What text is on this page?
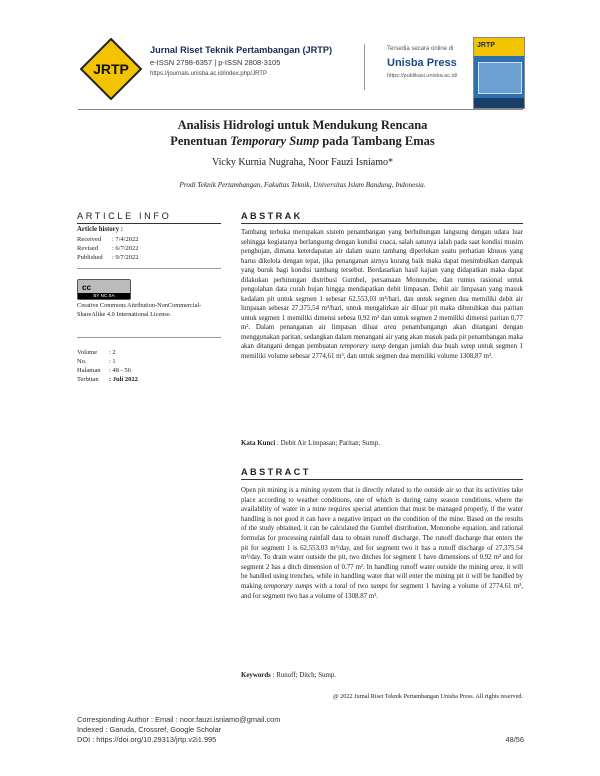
JRTP
Jurnal Riset Teknik Pertambangan (JRTP)
e-ISSN 2798-6357 | p-ISSN 2808-3105
https://journals.unisba.ac.id/index.php/JRTP
Tersedia secara online di
Unisba Press
https://publikasi.unisba.ac.id/
JRTP
Analisis Hidrologi untuk Mendukung Rencana
Penentuan Temporary Sump pada Tambang Emas
Vicky Kurnia Nugraha, Noor Fauzi Isniamo*
Prodi Teknik Pertambangan, Fakultas Teknik, Universitas Islam Bandung, Indonesia.
ARTICLE INFO
Article history :
Received : 7/4/2022
Revised : 6/7/2022
Published : 9/7/2022
cc
BY NC SA
Creative Commons Attribution-NonCommercial-ShareAlike 4.0 International License.
Volume : 2
No.	: 1
Halaman : 48 - 56
Terbitan : Juli 2022
ABSTRAK
Tambang terbuka merupakan sistem penambangan yang berhubungan langsung dengan udara luar sehingga kegiatanya berlangsung dengan kondisi cuaca, salah satunya ialah pada saat kondisi musim penghujan, dimana keterdapatan air dalam suatu tambang diperlukan suatu perhatian khusus yang harus dikelola dengan tepat, jika penanganan airnya kurang baik maka dapat menimbulkan dampak yang buruk bagi kondisi tambang tersebut. Berdasarkan hasil kajian yang didapatkan maka dapat dilakukan perhitungan distribusi Gumbel, persamaan Mononobe, dan rumus rasional untuk pengolahan data curah hujan hingga mendapatkan debit limpasan. Debit air limpasan yang masuk kedalam pit untuk segmen 1 sebesar 62.553,03 m³/hari, dan untuk segmen dua memiliki debit air limpasan sebesar 27.375,54 m³/hari, untuk mengalirkan air diluar pit maka dibutuhkan dua paritan untuk segmen 1 memiliki dimensi sebesa 0,92 m² dan untuk segmen 2 memiliki dimensi paritan 0,77 m². Dalam penanganan air limpasan diluar area penambangangn akan ditangani dengan menggunakan paritan, sedangkan dalam menangani air yang akan masuk pada pit penambangan maka akan ditangani dengan pembuatan temporary sump dengan jumlah dua buah sump untuk segmen 1 memiliki volume sebesar 2774,61 m³, dan untuk segmen dua memiliki volume 1308,87 m³.
Kata Kunci : Debit Air Limpasan; Paritan; Sump.
ABSTRACT
Open pit mining is a mining system that is directly related to the outside air so that its activities take place according to weather conditions, one of which is during rainy season conditions, where the availability of water in a mine requires special attention that must be managed properly, if the water handling is not good it can have a negative impact on the condition of the mine. Based on the results of the study obtained, it can be calculated the Gumbel distribution, Mononobe equation, and rational formulas for processing rainfall data to obtain runoff discharge. The runoff discharge that enters the pit for segment 1 is 62,553.03 m³/day, and for segment two it has a runoff discharge of 27,375.54 m³/day. To drain water outside the pit, two ditches for segment 1 have dimensions of 0.92 m² and for segment 2 has a ditch dimension of 0.77 m². In handling runoff water outside the mining area, it will be handled using trenches, while in handling water that will enter the mining pit it will be handled by making temporary sumps with a total of two sumps for segment 1 having a volume of 2774.61 m³, and for segment two has a volume of 1308.87 m³.
Keywords : Runoff; Ditch; Sump.
@ 2022 Jurnal Riset Teknik Pertambangan Unisba Press. All rights reserved.
Corresponding Author : Email : noor.fauzi.isniamo@gmail.com
Indexed : Garuda, Crossref, Google Scholar
DOI : https://doi.org/10.29313/jrtp.v2i1.995	48/56
